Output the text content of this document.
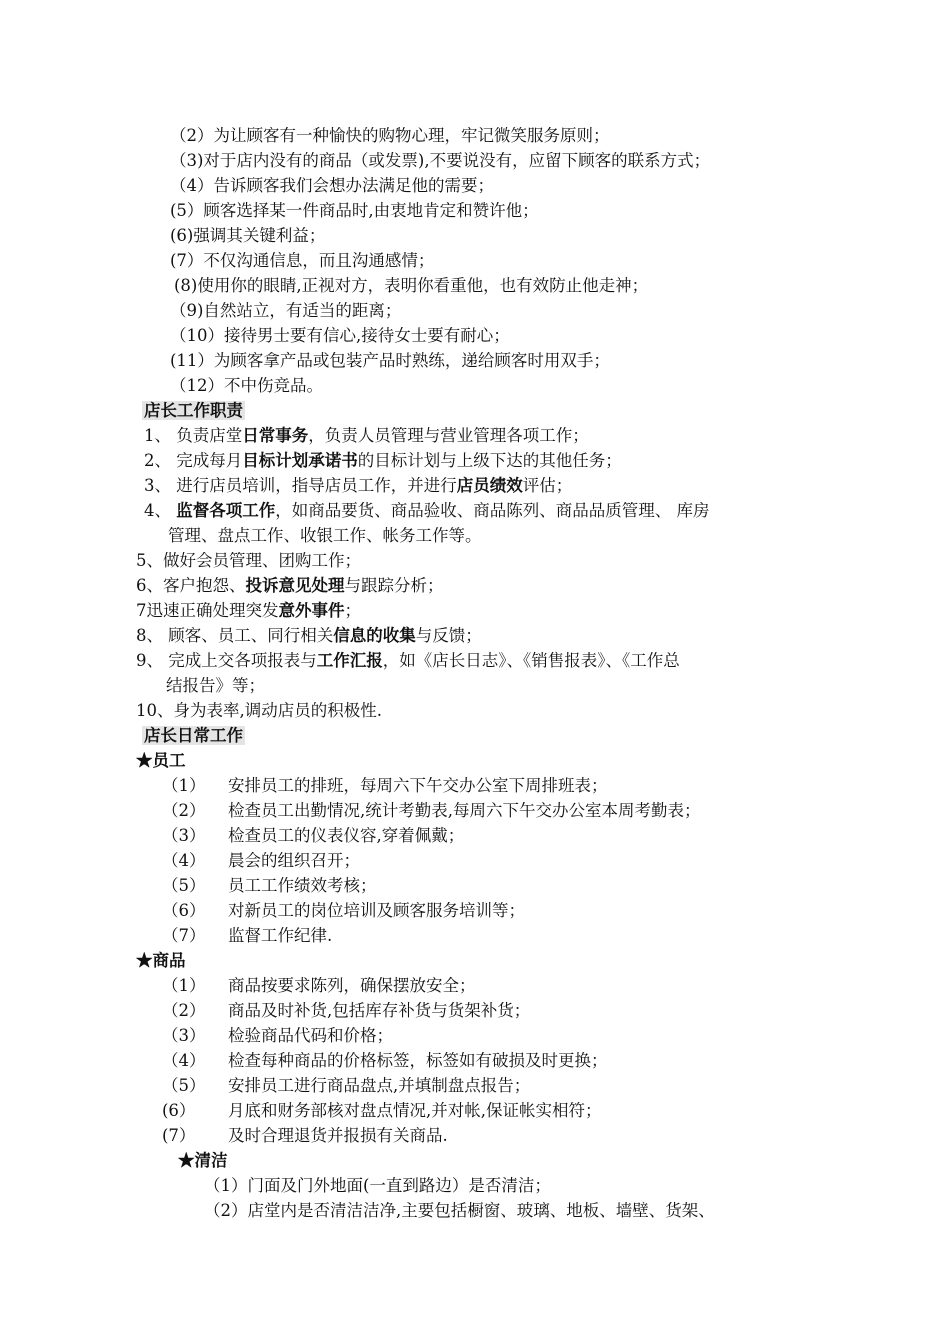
（2）为让顾客有一种愉快的购物心理，牢记微笑服务原则；
（3)对于店内没有的商品（或发票),不要说没有，应留下顾客的联系方式；
（4）告诉顾客我们会想办法满足他的需要；
(5）顾客选择某一件商品时,由衷地肯定和赞许他；
(6)强调其关键利益；
(7）不仅沟通信息，而且沟通感情；
(8)使用你的眼睛,正视对方，表明你看重他，也有效防止他走神；
（9)自然站立，有适当的距离；
（10）接待男士要有信心,接待女士要有耐心；
(11）为顾客拿产品或包装产品时熟练，递给顾客时用双手；
（12）不中伤竞品。
店长工作职责
1、 负责店堂日常事务，负责人员管理与营业管理各项工作；
2、 完成每月目标计划承诺书的目标计划与上级下达的其他任务；
3、 进行店员培训，指导店员工作，并进行店员绩效评估；
4、 监督各项工作，如商品要货、商品验收、商品陈列、商品品质管理、 库房
管理、盘点工作、收银工作、帐务工作等。
5、做好会员管理、团购工作；
6、客户抱怨、投诉意见处理与跟踪分析；
7迅速正确处理突发意外事件；
8、 顾客、员工、同行相关信息的收集与反馈；
9、 完成上交各项报表与工作汇报，如《店长日志》、《销售报表》、《工作总
结报告》等；
10、身为表率,调动店员的积极性.
店长日常工作
★员工
（1） 安排员工的排班，每周六下午交办公室下周排班表；
（2） 检查员工出勤情况,统计考勤表,每周六下午交办公室本周考勤表；
（3） 检查员工的仪表仪容,穿着佩戴；
（4） 晨会的组织召开；
（5） 员工工作绩效考核；
（6） 对新员工的岗位培训及顾客服务培训等；
（7） 监督工作纪律.
★商品
（1） 商品按要求陈列，确保摆放安全；
（2） 商品及时补货,包括库存补货与货架补货；
（3） 检验商品代码和价格；
（4） 检查每种商品的价格标签，标签如有破损及时更换；
（5） 安排员工进行商品盘点,并填制盘点报告；
(6） 月底和财务部核对盘点情况,并对帐,保证帐实相符；
(7） 及时合理退货并报损有关商品.
★清洁
（1）门面及门外地面(一直到路边）是否清洁；
（2）店堂内是否清洁洁净,主要包括橱窗、玻璃、地板、墙壁、货架、
